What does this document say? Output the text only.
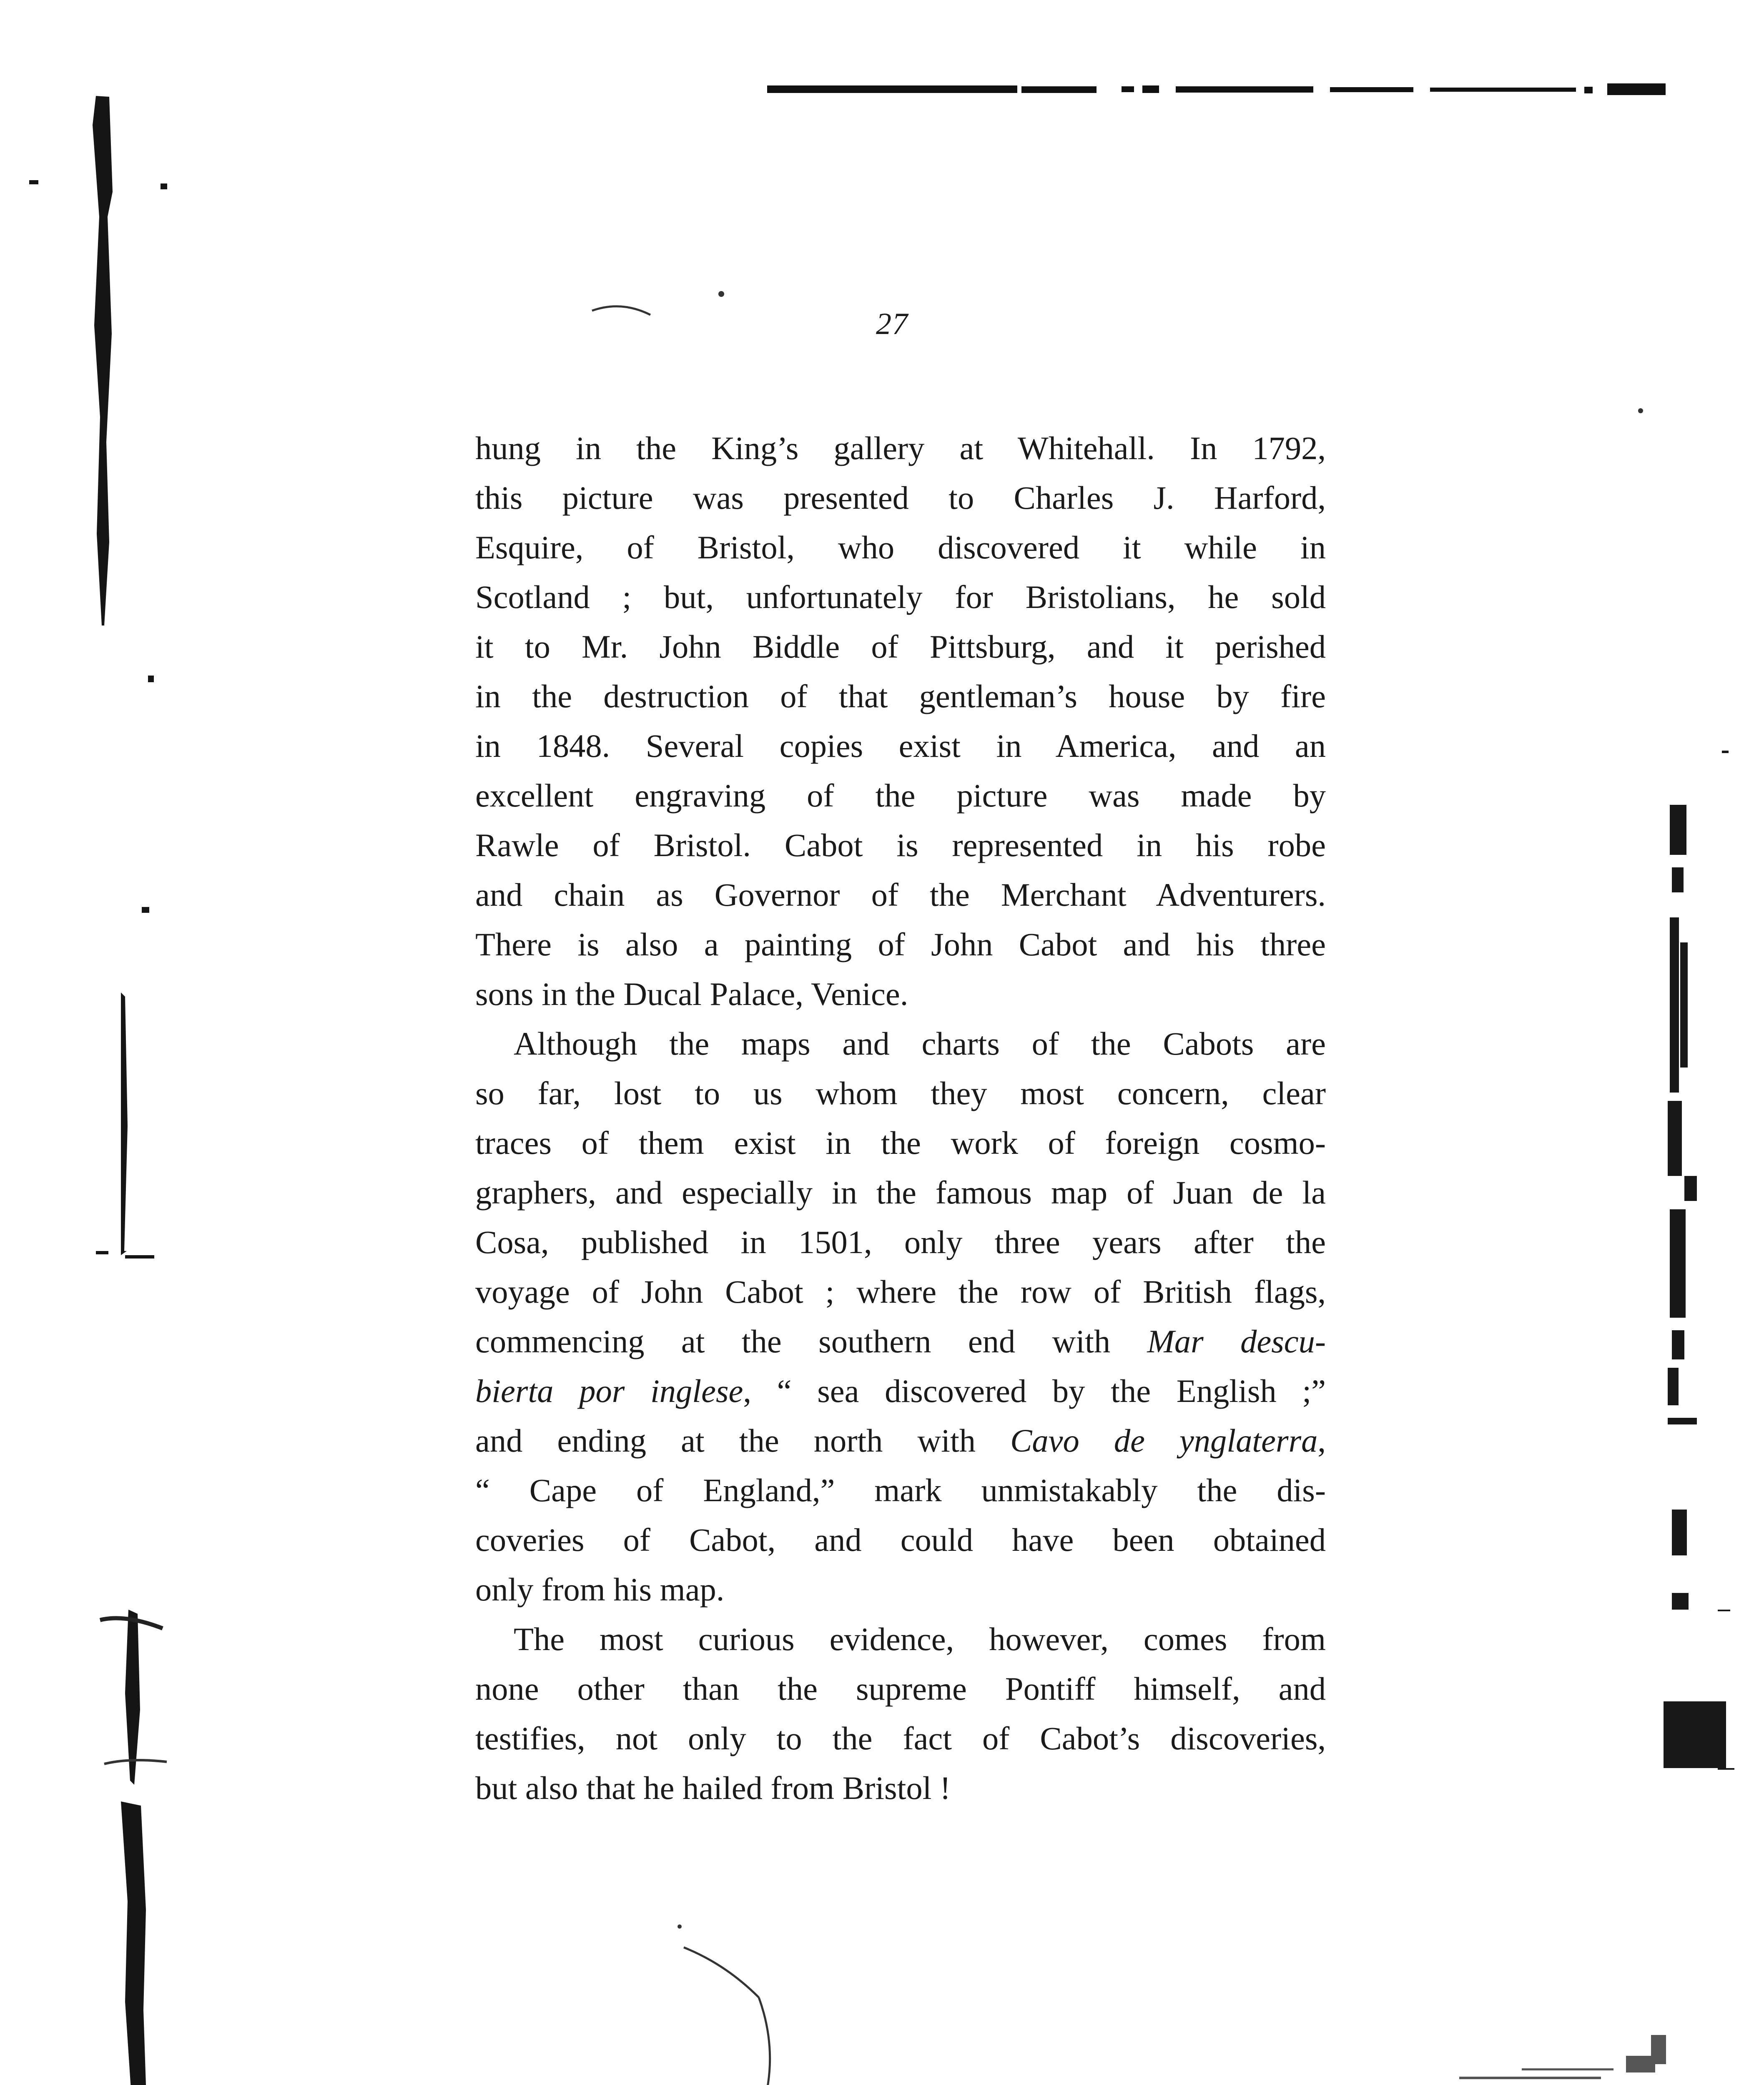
27

hung in the King’s gallery at Whitehall. In 1792,
this picture was presented to Charles J. Harford,
Esquire, of Bristol, who discovered it while in
Scotland ; but, unfortunately for Bristolians, he sold
it to Mr. John Biddle of Pittsburg, and it perished
in the destruction of that gentleman’s house by fire
in 1848. Several copies exist in America, and an
excellent engraving of the picture was made by
Rawle of Bristol. Cabot is represented in his robe
and chain as Governor of the Merchant Adventurers.
There is also a painting of John Cabot and his three
sons in the Ducal Palace, Venice.

Although the maps and charts of the Cabots are
so far, lost to us whom they most concern, clear
traces of them exist in the work of foreign cosmo-
graphers, and especially in the famous map of Juan de la
Cosa, published in 1501, only three years after the
voyage of John Cabot ; where the row of British flags,
commencing at the southern end with Mar descu-
bierta por inglese, “ sea discovered by the English ;”
and ending at the north with Cavo de ynglaterra,
“ Cape of England,” mark unmistakably the dis-
coveries of Cabot, and could have been obtained
only from his map.

The most curious evidence, however, comes from
none other than the supreme Pontiff himself, and
testifies, not only to the fact of Cabot’s discoveries,
but also that he hailed from Bristol !
